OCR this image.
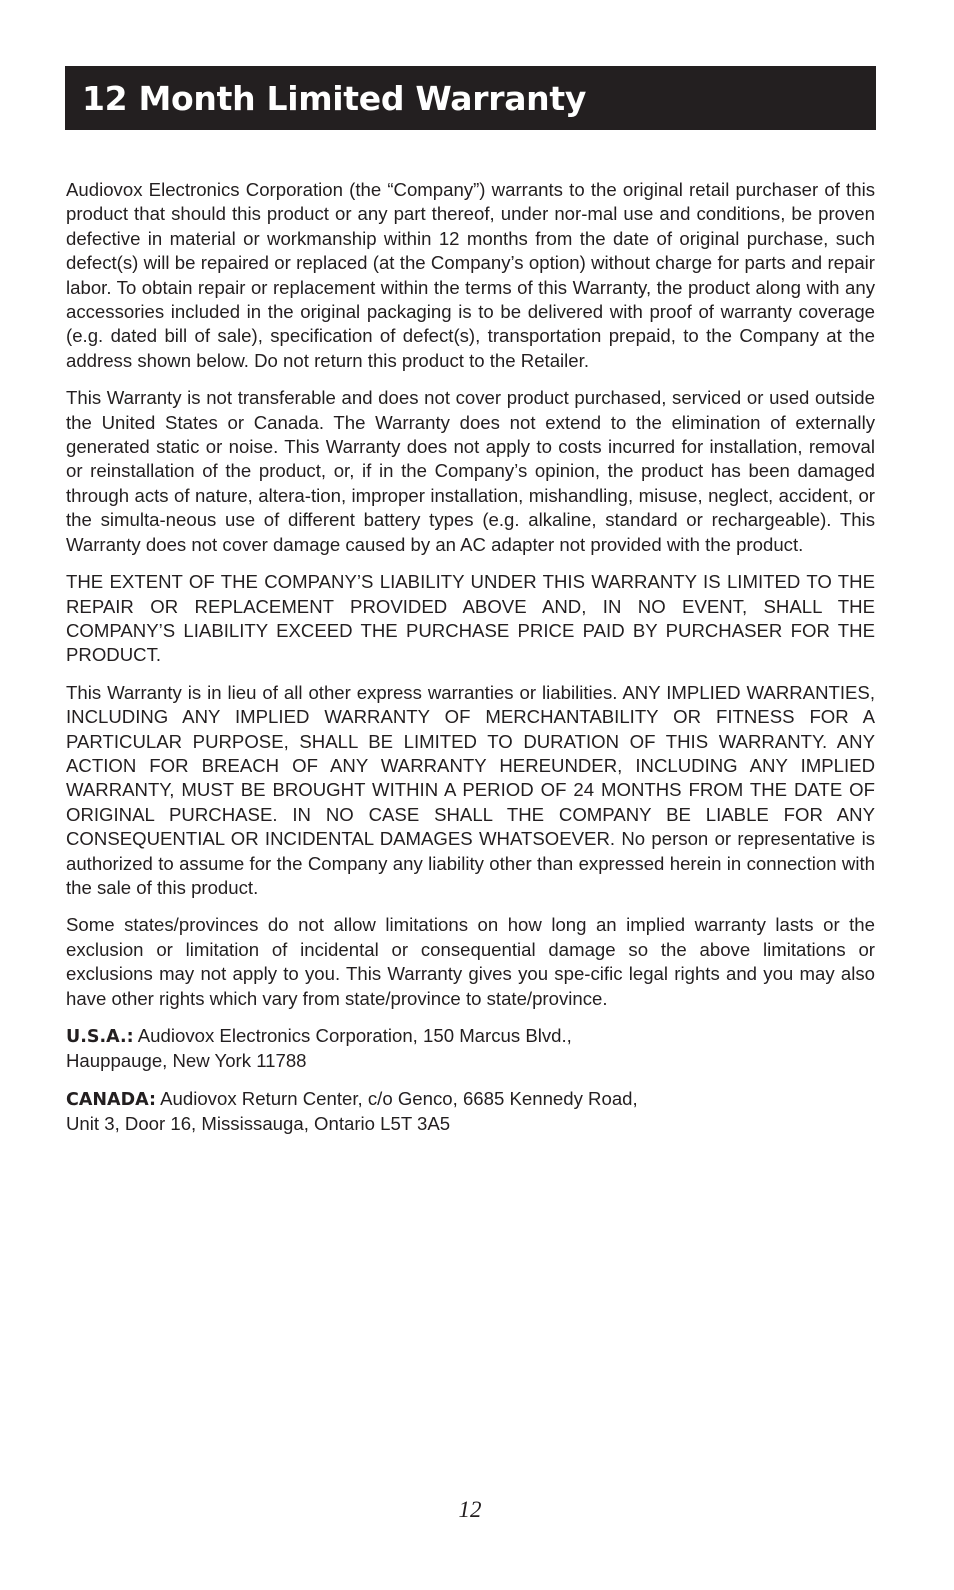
12 Month Limited Warranty

Audiovox Electronics Corporation (the “Company”) warrants to the original retail purchaser of this product that should this product or any part thereof, under nor-mal use and conditions, be proven defective in material or workmanship within 12 months from the date of original purchase, such defect(s) will be repaired or replaced (at the Company’s option) without charge for parts and repair labor. To obtain repair or replacement within the terms of this Warranty, the product along with any accessories included in the original packaging is to be delivered with proof of warranty coverage (e.g. dated bill of sale), specification of defect(s), transportation prepaid, to the Company at the address shown below. Do not return this product to the Retailer.

This Warranty is not transferable and does not cover product purchased, serviced or used outside the United States or Canada. The Warranty does not extend to the elimination of externally generated static or noise. This Warranty does not apply to costs incurred for installation, removal or reinstallation of the product, or, if in the Company’s opinion, the product has been damaged through acts of nature, altera-tion, improper installation, mishandling, misuse, neglect, accident, or the simulta-neous use of different battery types (e.g. alkaline, standard or rechargeable). This Warranty does not cover damage caused by an AC adapter not provided with the product.

THE EXTENT OF THE COMPANY’S LIABILITY UNDER THIS WARRANTY IS LIMITED TO THE REPAIR OR REPLACEMENT PROVIDED ABOVE AND, IN NO EVENT, SHALL THE COMPANY’S LIABILITY EXCEED THE PURCHASE PRICE PAID BY PURCHASER FOR THE PRODUCT.

This Warranty is in lieu of all other express warranties or liabilities. ANY IMPLIED WARRANTIES, INCLUDING ANY IMPLIED WARRANTY OF MERCHANTABILITY OR FITNESS FOR A PARTICULAR PURPOSE, SHALL BE LIMITED TO DURATION OF THIS WARRANTY. ANY ACTION FOR BREACH OF ANY WARRANTY HEREUNDER, INCLUDING ANY IMPLIED WARRANTY, MUST BE BROUGHT WITHIN A PERIOD OF 24 MONTHS FROM THE DATE OF ORIGINAL PURCHASE. IN NO CASE SHALL THE COMPANY BE LIABLE FOR ANY CONSEQUENTIAL OR INCIDENTAL DAMAGES WHATSOEVER. No person or representative is authorized to assume for the Company any liability other than expressed herein in connection with the sale of this product.

Some states/provinces do not allow limitations on how long an implied warranty lasts or the exclusion or limitation of incidental or consequential damage so the above limitations or exclusions may not apply to you. This Warranty gives you spe-cific legal rights and you may also have other rights which vary from state/province to state/province.

U.S.A.: Audiovox Electronics Corporation, 150 Marcus Blvd.,
Hauppauge, New York 11788
CANADA: Audiovox Return Center, c/o Genco, 6685 Kennedy Road,
Unit 3, Door 16, Mississauga, Ontario L5T 3A5
12
